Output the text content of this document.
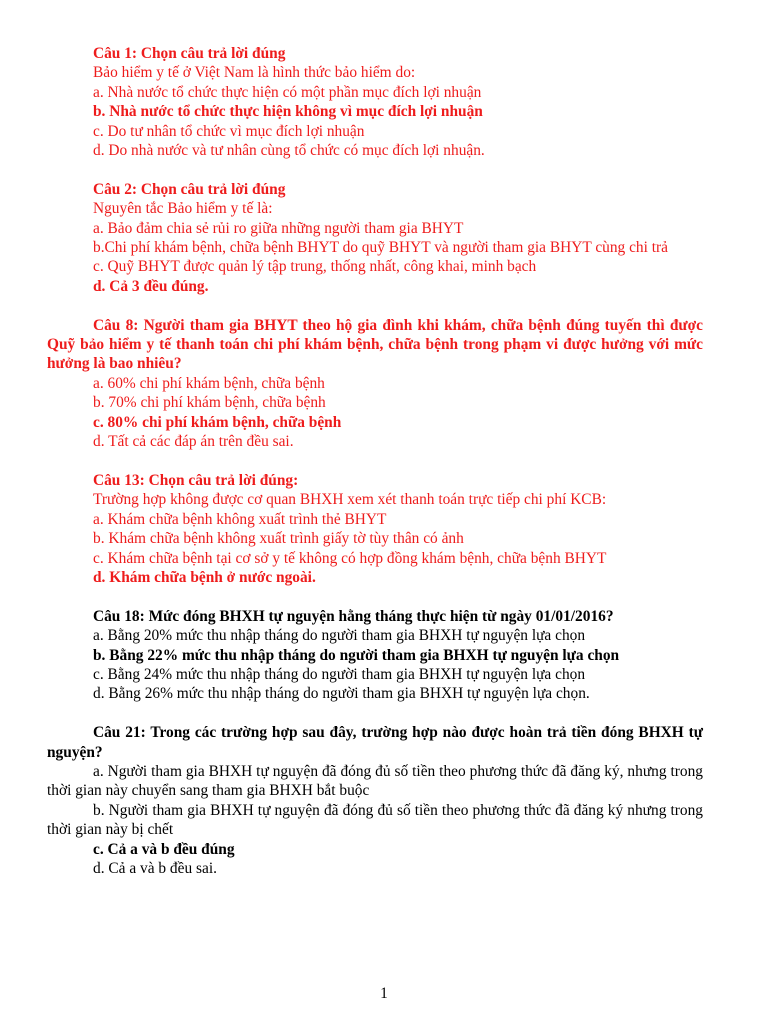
Câu 1: Chọn câu trả lời đúng

Bảo hiểm y tế ở Việt Nam là hình thức bảo hiểm do:

a. Nhà nước tổ chức thực hiện có một phần mục đích lợi nhuận

b. Nhà nước tổ chức thực hiện không vì mục đích lợi nhuận

c. Do tư nhân tổ chức vì mục đích lợi nhuận

d. Do nhà nước và tư nhân cùng tổ chức có mục đích lợi nhuận.

Câu 2: Chọn câu trả lời đúng

Nguyên tắc Bảo hiểm y tế là:

a. Bảo đảm chia sẻ rủi ro giữa những người tham gia BHYT

b.Chi phí khám bệnh, chữa bệnh BHYT do quỹ BHYT và người tham gia BHYT cùng chi trả

c. Quỹ BHYT được quản lý tập trung, thống nhất, công khai, minh bạch

d. Cả 3 đều đúng.

Câu 8: Người tham gia BHYT theo hộ gia đình khi khám, chữa bệnh đúng tuyến thì được Quỹ bảo hiểm y tế thanh toán chi phí khám bệnh, chữa bệnh trong phạm vi được hưởng với mức hưởng là bao nhiêu?

a. 60% chi phí khám bệnh, chữa bệnh

b. 70% chi phí khám bệnh, chữa bệnh

c. 80% chi phí khám bệnh, chữa bệnh

d. Tất cả các đáp án trên đều sai.

Câu 13: Chọn câu trả lời đúng:

Trường hợp không được cơ quan BHXH xem xét thanh toán trực tiếp chi phí KCB:

a. Khám chữa bệnh không xuất trình thẻ BHYT

b. Khám chữa bệnh không xuất trình giấy tờ tùy thân có ảnh

c. Khám chữa bệnh tại cơ sở y tế không có hợp đồng khám bệnh, chữa bệnh BHYT

d. Khám chữa bệnh ở nước ngoài.

Câu 18: Mức đóng BHXH tự nguyện hằng tháng thực hiện từ ngày 01/01/2016?

a. Bằng 20% mức thu nhập tháng do người tham gia BHXH tự nguyện lựa chọn

b. Bằng 22% mức thu nhập tháng do người tham gia BHXH tự nguyện lựa chọn

c. Bằng 24% mức thu nhập tháng do người tham gia BHXH tự nguyện lựa chọn

d. Bằng 26% mức thu nhập tháng do người tham gia BHXH tự nguyện lựa chọn.

Câu 21: Trong các trường hợp sau đây, trường hợp nào được hoàn trả tiền đóng BHXH tự nguyện?

a. Người tham gia BHXH tự nguyện đã đóng đủ số tiền theo phương thức đã đăng ký, nhưng trong thời gian này chuyển sang tham gia BHXH bắt buộc

b. Người tham gia BHXH tự nguyện đã đóng đủ số tiền theo phương thức đã đăng ký nhưng trong thời gian này bị chết

c. Cả a và b đều đúng

d. Cả a và b đều sai.

1
